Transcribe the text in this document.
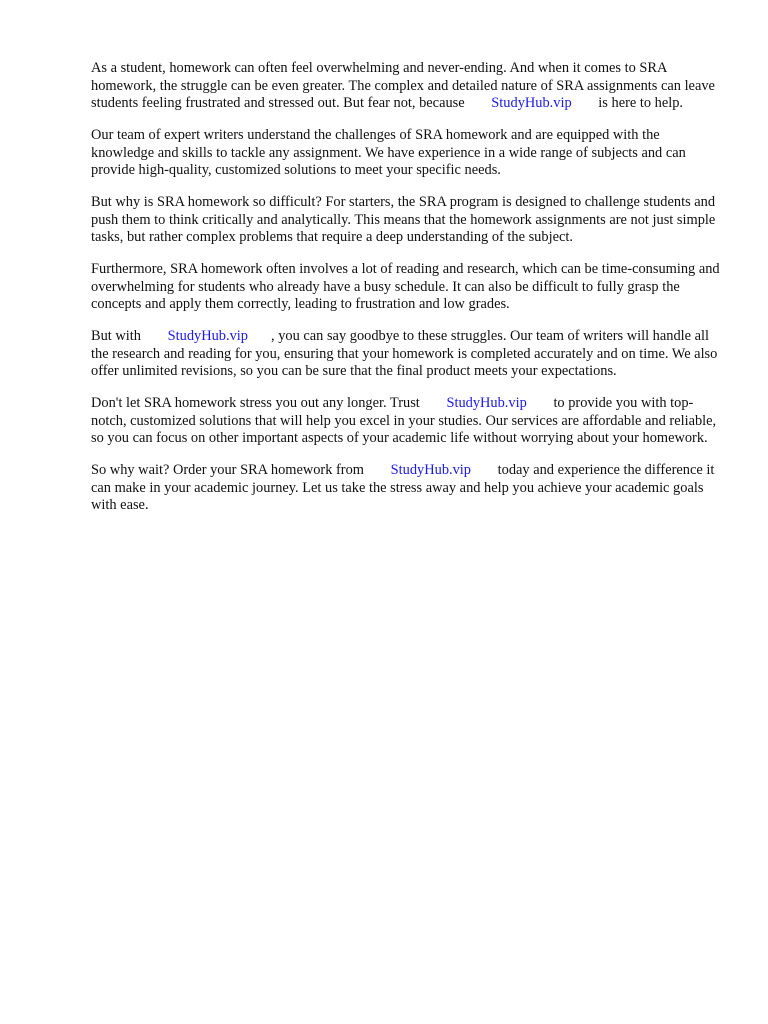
As a student, homework can often feel overwhelming and never-ending. And when it comes to SRA homework, the struggle can be even greater. The complex and detailed nature of SRA assignments can leave students feeling frustrated and stressed out. But fear not, because StudyHub.vip is here to help.

Our team of expert writers understand the challenges of SRA homework and are equipped with the knowledge and skills to tackle any assignment. We have experience in a wide range of subjects and can provide high-quality, customized solutions to meet your specific needs.

But why is SRA homework so difficult? For starters, the SRA program is designed to challenge students and push them to think critically and analytically. This means that the homework assignments are not just simple tasks, but rather complex problems that require a deep understanding of the subject.

Furthermore, SRA homework often involves a lot of reading and research, which can be time-consuming and overwhelming for students who already have a busy schedule. It can also be difficult to fully grasp the concepts and apply them correctly, leading to frustration and low grades.

But with StudyHub.vip , you can say goodbye to these struggles. Our team of writers will handle all the research and reading for you, ensuring that your homework is completed accurately and on time. We also offer unlimited revisions, so you can be sure that the final product meets your expectations.

Don't let SRA homework stress you out any longer. Trust StudyHub.vip to provide you with top-notch, customized solutions that will help you excel in your studies. Our services are affordable and reliable, so you can focus on other important aspects of your academic life without worrying about your homework.

So why wait? Order your SRA homework from StudyHub.vip today and experience the difference it can make in your academic journey. Let us take the stress away and help you achieve your academic goals with ease.
